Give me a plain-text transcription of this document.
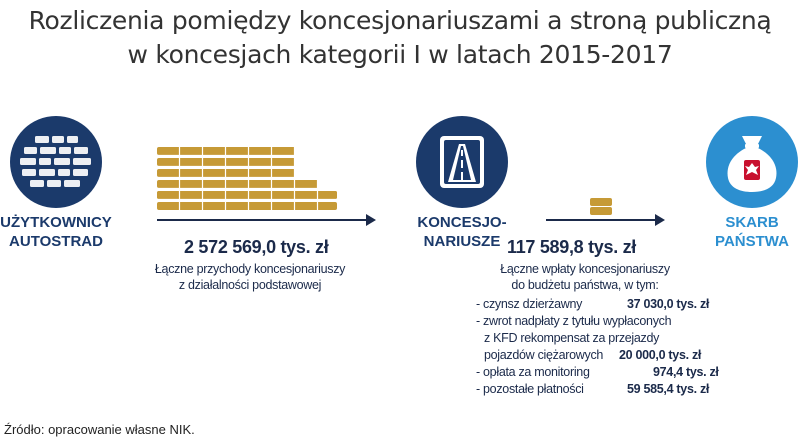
Rozliczenia pomiędzy koncesjonariuszami a stroną publiczną
w koncesjach kategorii I w latach 2015-2017
UŻYTKOWNICY
AUTOSTRAD	2 572 569,0 tys. zł
Łączne przychody koncesjonariuszy
z działalności podstawowej
KONCESJO-
NARIUSZE 117 589,8 tys. zł
Łączne wpłaty koncesjonariuszy
do budżetu państwa, w tym:
- czynsz dzierżawny	37 030,0 tys. zł
- zwrot nadpłaty z tytułu wypłaconych
z KFD rekompensat za przejazdy
pojazdów ciężarowych 20 000,0 tys. zł
- opłata za monitoring	974,4 tys. zł
- pozostałe płatności	59 585,4 tys. zł
SKARB
PAŃSTWA
Źródło: opracowanie własne NIK.
